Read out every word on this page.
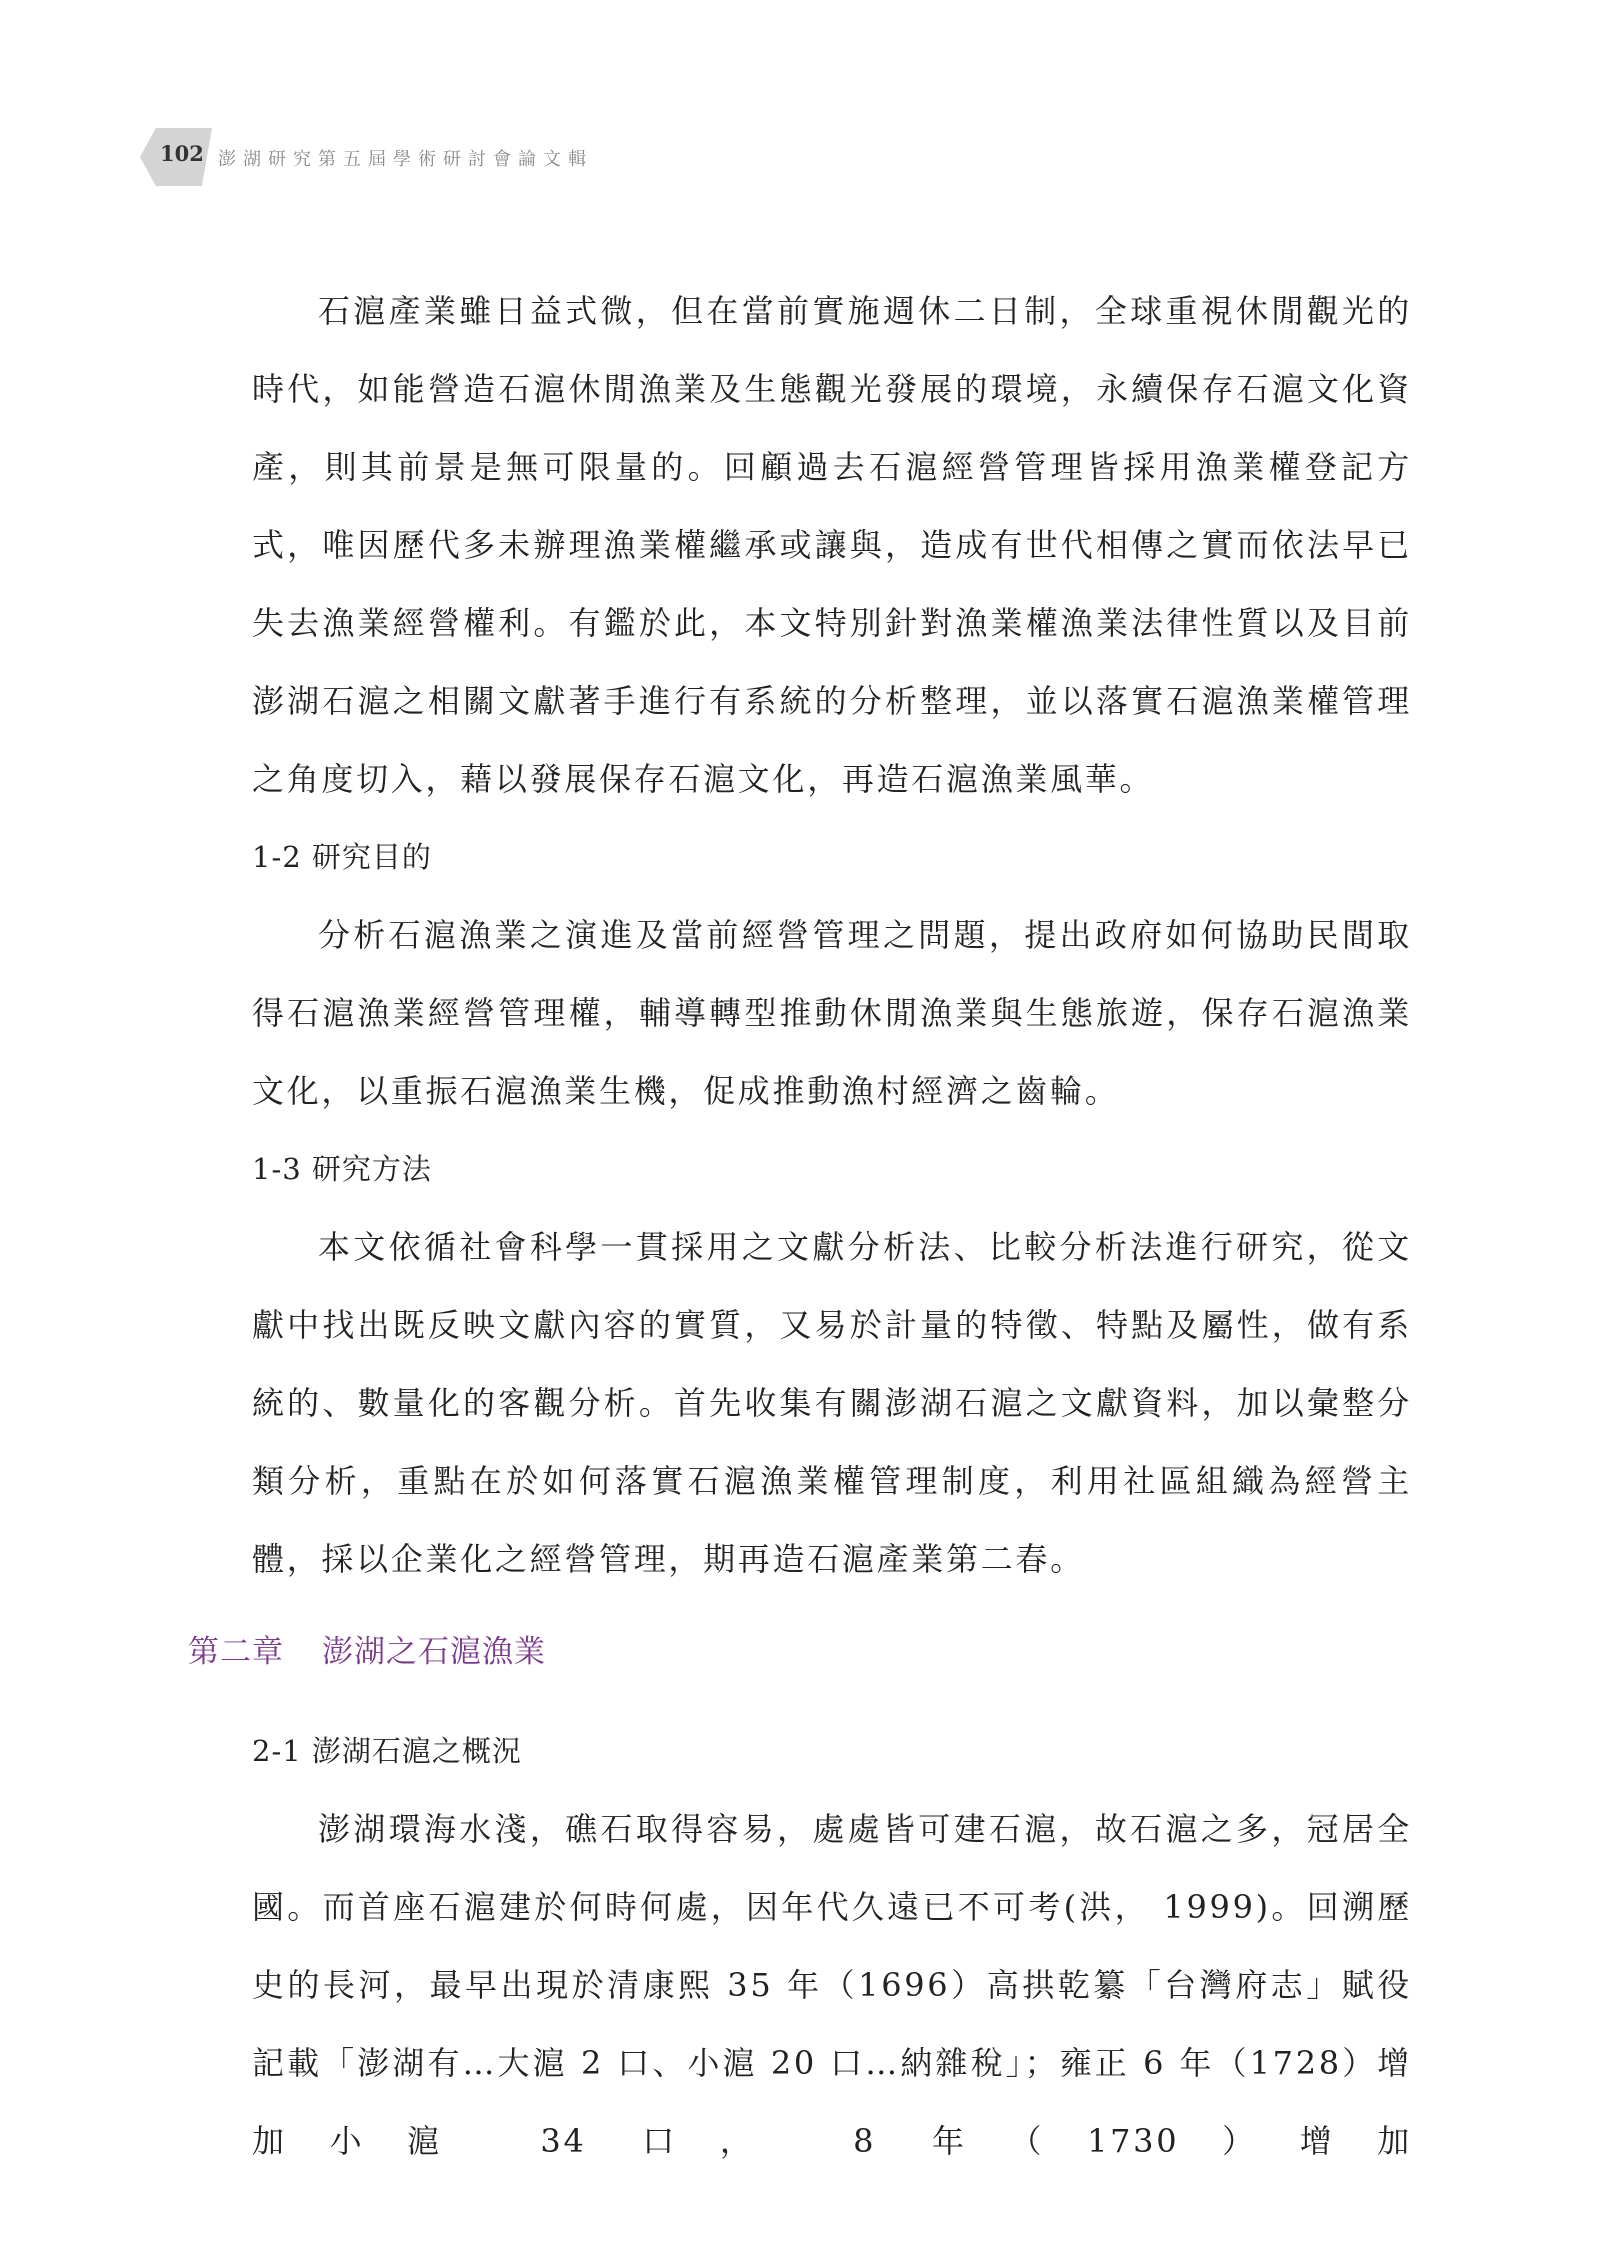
102 澎湖研究第五屆學術研討會論文輯

石滬產業雖日益式微，但在當前實施週休二日制，全球重視休閒觀光的時代，如能營造石滬休閒漁業及生態觀光發展的環境，永續保存石滬文化資產，則其前景是無可限量的。回顧過去石滬經營管理皆採用漁業權登記方式，唯因歷代多未辦理漁業權繼承或讓與，造成有世代相傳之實而依法早已失去漁業經營權利。有鑑於此，本文特別針對漁業權漁業法律性質以及目前澎湖石滬之相關文獻著手進行有系統的分析整理，並以落實石滬漁業權管理之角度切入，藉以發展保存石滬文化，再造石滬漁業風華。

1-2 研究目的

分析石滬漁業之演進及當前經營管理之問題，提出政府如何協助民間取得石滬漁業經營管理權，輔導轉型推動休閒漁業與生態旅遊，保存石滬漁業文化，以重振石滬漁業生機，促成推動漁村經濟之齒輪。

1-3 研究方法

本文依循社會科學一貫採用之文獻分析法、比較分析法進行研究，從文獻中找出既反映文獻內容的實質，又易於計量的特徵、特點及屬性，做有系統的、數量化的客觀分析。首先收集有關澎湖石滬之文獻資料，加以彙整分類分析，重點在於如何落實石滬漁業權管理制度，利用社區組織為經營主體，採以企業化之經營管理，期再造石滬產業第二春。

第二章 澎湖之石滬漁業

2-1 澎湖石滬之概況

澎湖環海水淺，礁石取得容易，處處皆可建石滬，故石滬之多，冠居全國。而首座石滬建於何時何處，因年代久遠已不可考(洪， 1999)。回溯歷史的長河，最早出現於清康熙 35 年（1696）高拱乾纂「台灣府志」賦役記載「澎湖有…大滬 2 口、小滬 20 口…納雜稅」；雍正 6 年（1728）增加小滬 34 口， 8 年（1730）增加
